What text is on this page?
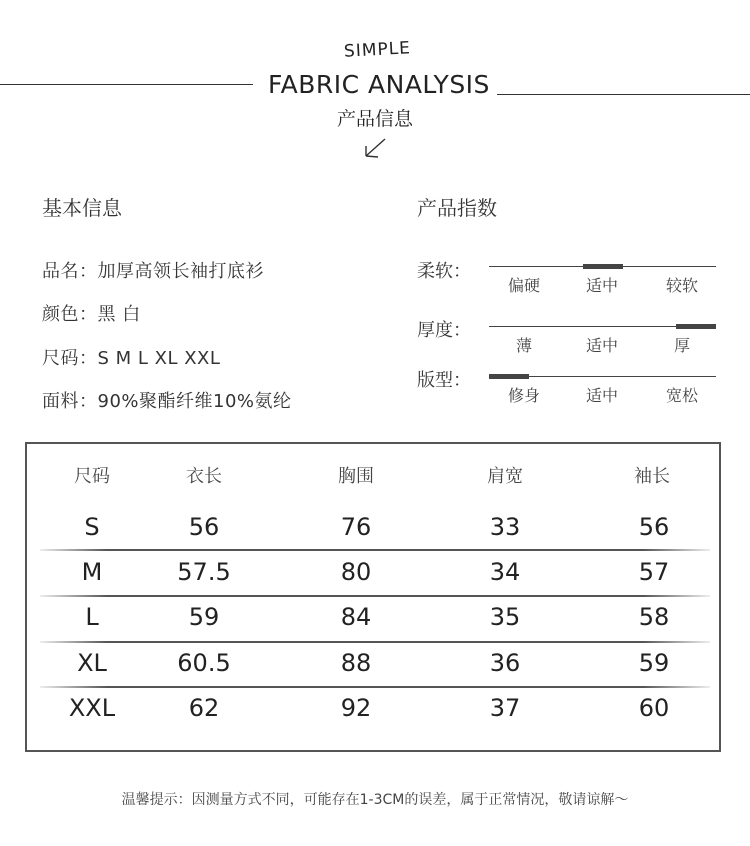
SIMPLE
FABRIC ANALYSIS
产品信息
基本信息
品名：加厚高领长袖打底衫
颜色：黑 白
尺码：S M L XL XXL
面料：90%聚酯纤维10%氨纶
产品指数
柔软：
偏硬	适中	较软
厚度：
薄	适中	厚
版型：
修身	适中	宽松
尺码	衣长	胸围	肩宽	袖长
S	56	76	33	56
M	57.5	80	34	57
L	59	84	35	58
XL	60.5	88	36	59
XXL	62	92	37	60
温馨提示：因测量方式不同，可能存在1-3CM的误差，属于正常情况，敬请谅解～
